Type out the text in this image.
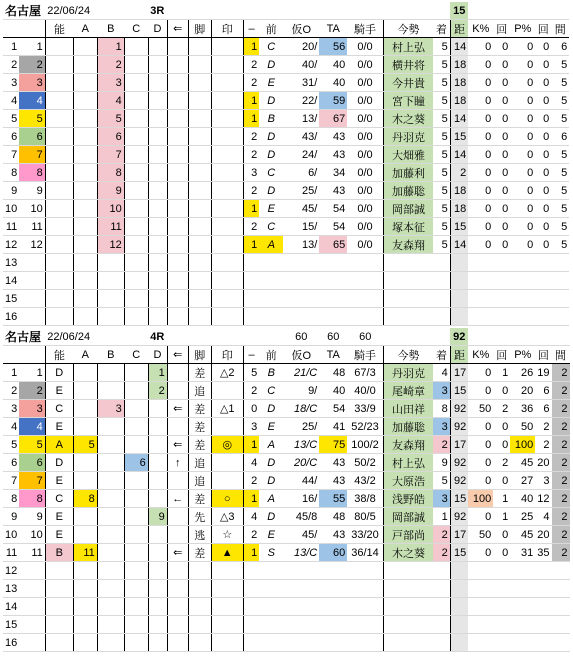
名古屋		22/06/24				3R											15					
		能	A	B	C	D	⇐	脚	印	–	前	仮O	TA	騎手	今勢	着	距	K%	回	P%	回	間
1	1			1						1	C	20/	56	0/0	村上弘	5	14	0	0	0	0	6
2	2			2						2	D	40/	40	0/0	横井将	5	18	0	0	0	0	5
3	3			3						2	E	31/	40	0/0	今井貴	5	18	0	0	0	0	5
4	4			4						1	D	22/	59	0/0	宮下瞳	5	18	0	0	0	0	5
5	5			5						1	B	13/	67	0/0	木之葵	5	14	0	0	0	0	5
6	6			6						2	D	43/	43	0/0	丹羽克	5	15	0	0	0	0	6
7	7			7						2	D	24/	43	0/0	大畑雅	5	14	0	0	0	0	5
8	8			8						3	C	6/	34	0/0	加藤利	5	2	0	0	0	0	5
9	9			9						2	D	25/	43	0/0	加藤聡	5	18	0	0	0	0	5
10	10			10						1	E	45/	54	0/0	岡部誠	5	18	0	0	0	0	5
11	11			11						2	C	15/	54	0/0	塚本征	5	15	0	0	0	0	5
12	12			12						1	A	13/	65	0/0	友森翔	5	14	0	0	0	0	5
13																						
14																						
15																						
16																						
名古屋		22/06/24				4R						60	60	60			92					
		能	A	B	C	D	⇐	脚	印	–	前	仮O	TA	騎手	今勢	着	距	K%	回	P%	回	間
1	1	D				1		差	△2	5	B	21/C	48	67/3	丹羽克	4	17	0	1	26	19	2
2	2	E				2		追		2	C	9/	40	40/0	尾崎章	3	15	0	0	20	6	2
3	3	C		3			⇐	差	△1	0	D	18/C	54	33/9	山田祥	8	92	50	2	36	6	2
4	4	E						差		3	E	25/	41	52/23	加藤聡	3	92	0	0	50	2	2
5	5	A	5				⇐	差	◎	1	A	13/C	75	100/2	友森翔	2	17	0	0	100	2	2
6	6	D			6		↑	追		4	D	20/C	43	50/2	村上弘	9	92	0	2	45	20	2
7	7	E						追		2	D	44/	43	43/2	大原浩	5	92	0	0	27	3	2
8	8	C	8				←	差	○	1	A	16/	55	38/8	浅野皓	3	15	100	1	40	12	2
9	9	E				9		先	△3	4	D	45/8	48	80/5	岡部誠	1	92	0	1	25	4	2
10	10	E						逃	☆	2	E	45/	43	33/20	戸部尚	2	17	50	0	45	20	2
11	11	B	11				⇐	差	▲	1	S	13/C	60	36/14	木之葵	2	15	0	0	31	35	2
12																						
13																						
14																						
15																						
16																						
